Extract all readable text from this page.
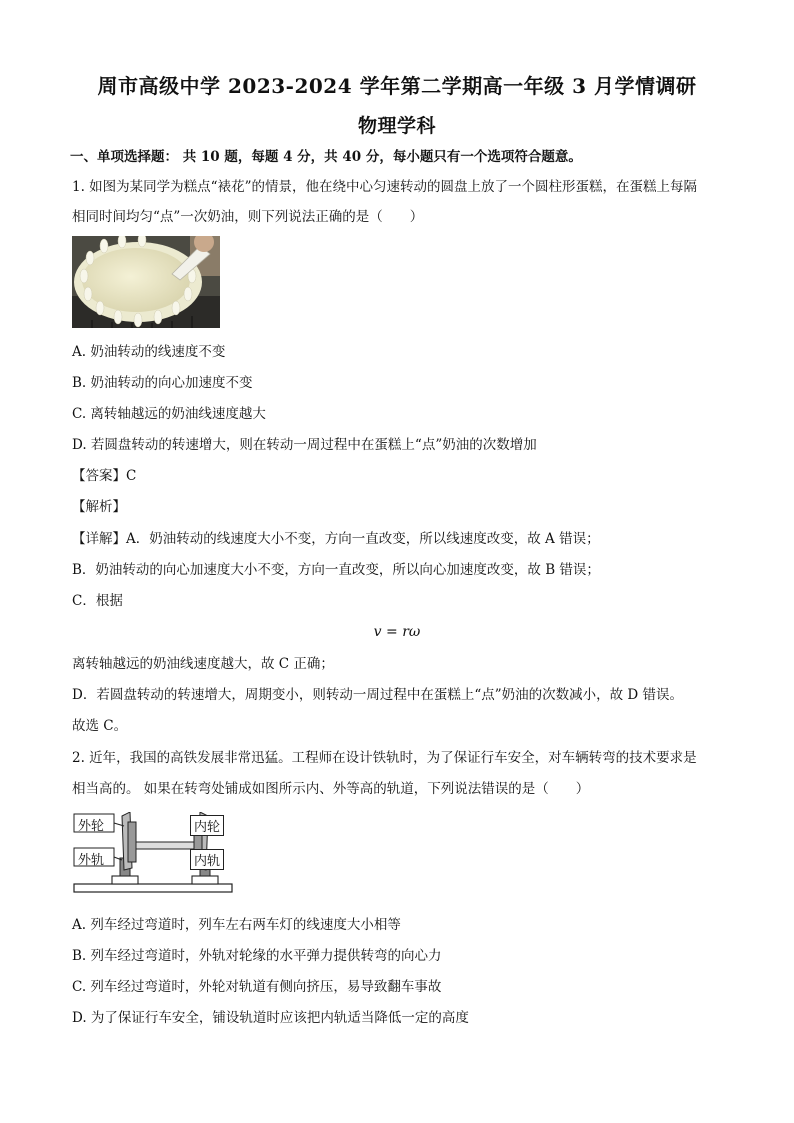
周市高级中学 2023-2024 学年第二学期高一年级 3 月学情调研
物理学科
一、单项选择题： 共 10 题，每题 4 分，共 40 分，每小题只有一个选项符合题意。
1. 如图为某同学为糕点“裱花”的情景，他在绕中心匀速转动的圆盘上放了一个圆柱形蛋糕，在蛋糕上每隔
相同时间均匀“点”一次奶油，则下列说法正确的是（　　）
A. 奶油转动的线速度不变
B. 奶油转动的向心加速度不变
C. 离转轴越远的奶油线速度越大
D. 若圆盘转动的转速增大，则在转动一周过程中在蛋糕上“点”奶油的次数增加
【答案】C
【解析】
【详解】A．奶油转动的线速度大小不变，方向一直改变，所以线速度改变，故 A 错误；
B．奶油转动的向心加速度大小不变，方向一直改变，所以向心加速度改变，故 B 错误；
C．根据
v = rω
离转轴越远的奶油线速度越大，故 C 正确；
D．若圆盘转动的转速增大，周期变小，则转动一周过程中在蛋糕上“点”奶油的次数减小，故 D 错误。
故选 C。
2. 近年，我国的高铁发展非常迅猛。工程师在设计铁轨时，为了保证行车安全，对车辆转弯的技术要求是
相当高的。 如果在转弯处铺成如图所示内、外等高的轨道，下列说法错误的是（　　）
外轮
外轨
内轮
内轨
A. 列车经过弯道时，列车左右两车灯的线速度大小相等
B. 列车经过弯道时，外轨对轮缘的水平弹力提供转弯的向心力
C. 列车经过弯道时，外轮对轨道有侧向挤压，易导致翻车事故
D. 为了保证行车安全，铺设轨道时应该把内轨适当降低一定的高度
